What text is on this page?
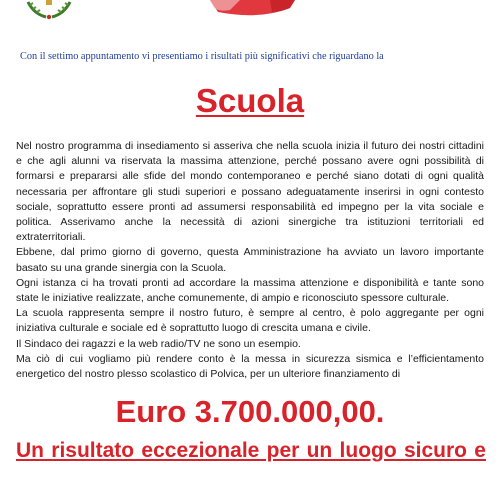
Con il settimo appuntamento vi presentiamo i risultati più significativi che riguardano la

Scuola

Nel nostro programma di insediamento si asseriva che nella scuola inizia il futuro dei nostri cittadini e che agli alunni va riservata la massima attenzione, perché possano avere ogni possibilità di formarsi e prepararsi alle sfide del mondo contemporaneo e perché siano dotati di ogni qualità necessaria per affrontare gli studi superiori e possano adeguatamente inserirsi in ogni contesto sociale, soprattutto essere pronti ad assumersi responsabilità ed impegno per la vita sociale e politica. Asserivamo anche la necessità di azioni sinergiche tra istituzioni territoriali ed extraterritoriali.

Ebbene, dal primo giorno di governo, questa Amministrazione ha avviato un lavoro importante basato su una grande sinergia con la Scuola.

Ogni istanza ci ha trovati pronti ad accordare la massima attenzione e disponibilità e tante sono state le iniziative realizzate, anche comunemente, di ampio e riconosciuto spessore culturale.

La scuola rappresenta sempre il nostro futuro, è sempre al centro, è polo aggregante per ogni iniziativa culturale e sociale ed è soprattutto luogo di crescita umana e civile.

Il Sindaco dei ragazzi e la web radio/TV ne sono un esempio.

Ma ciò di cui vogliamo più rendere conto è la messa in sicurezza sismica e l’efficientamento energetico del nostro plesso scolastico di Polvica, per un ulteriore finanziamento di

Euro 3.700.000,00.

Un risultato eccezionale per un luogo sicuro e
